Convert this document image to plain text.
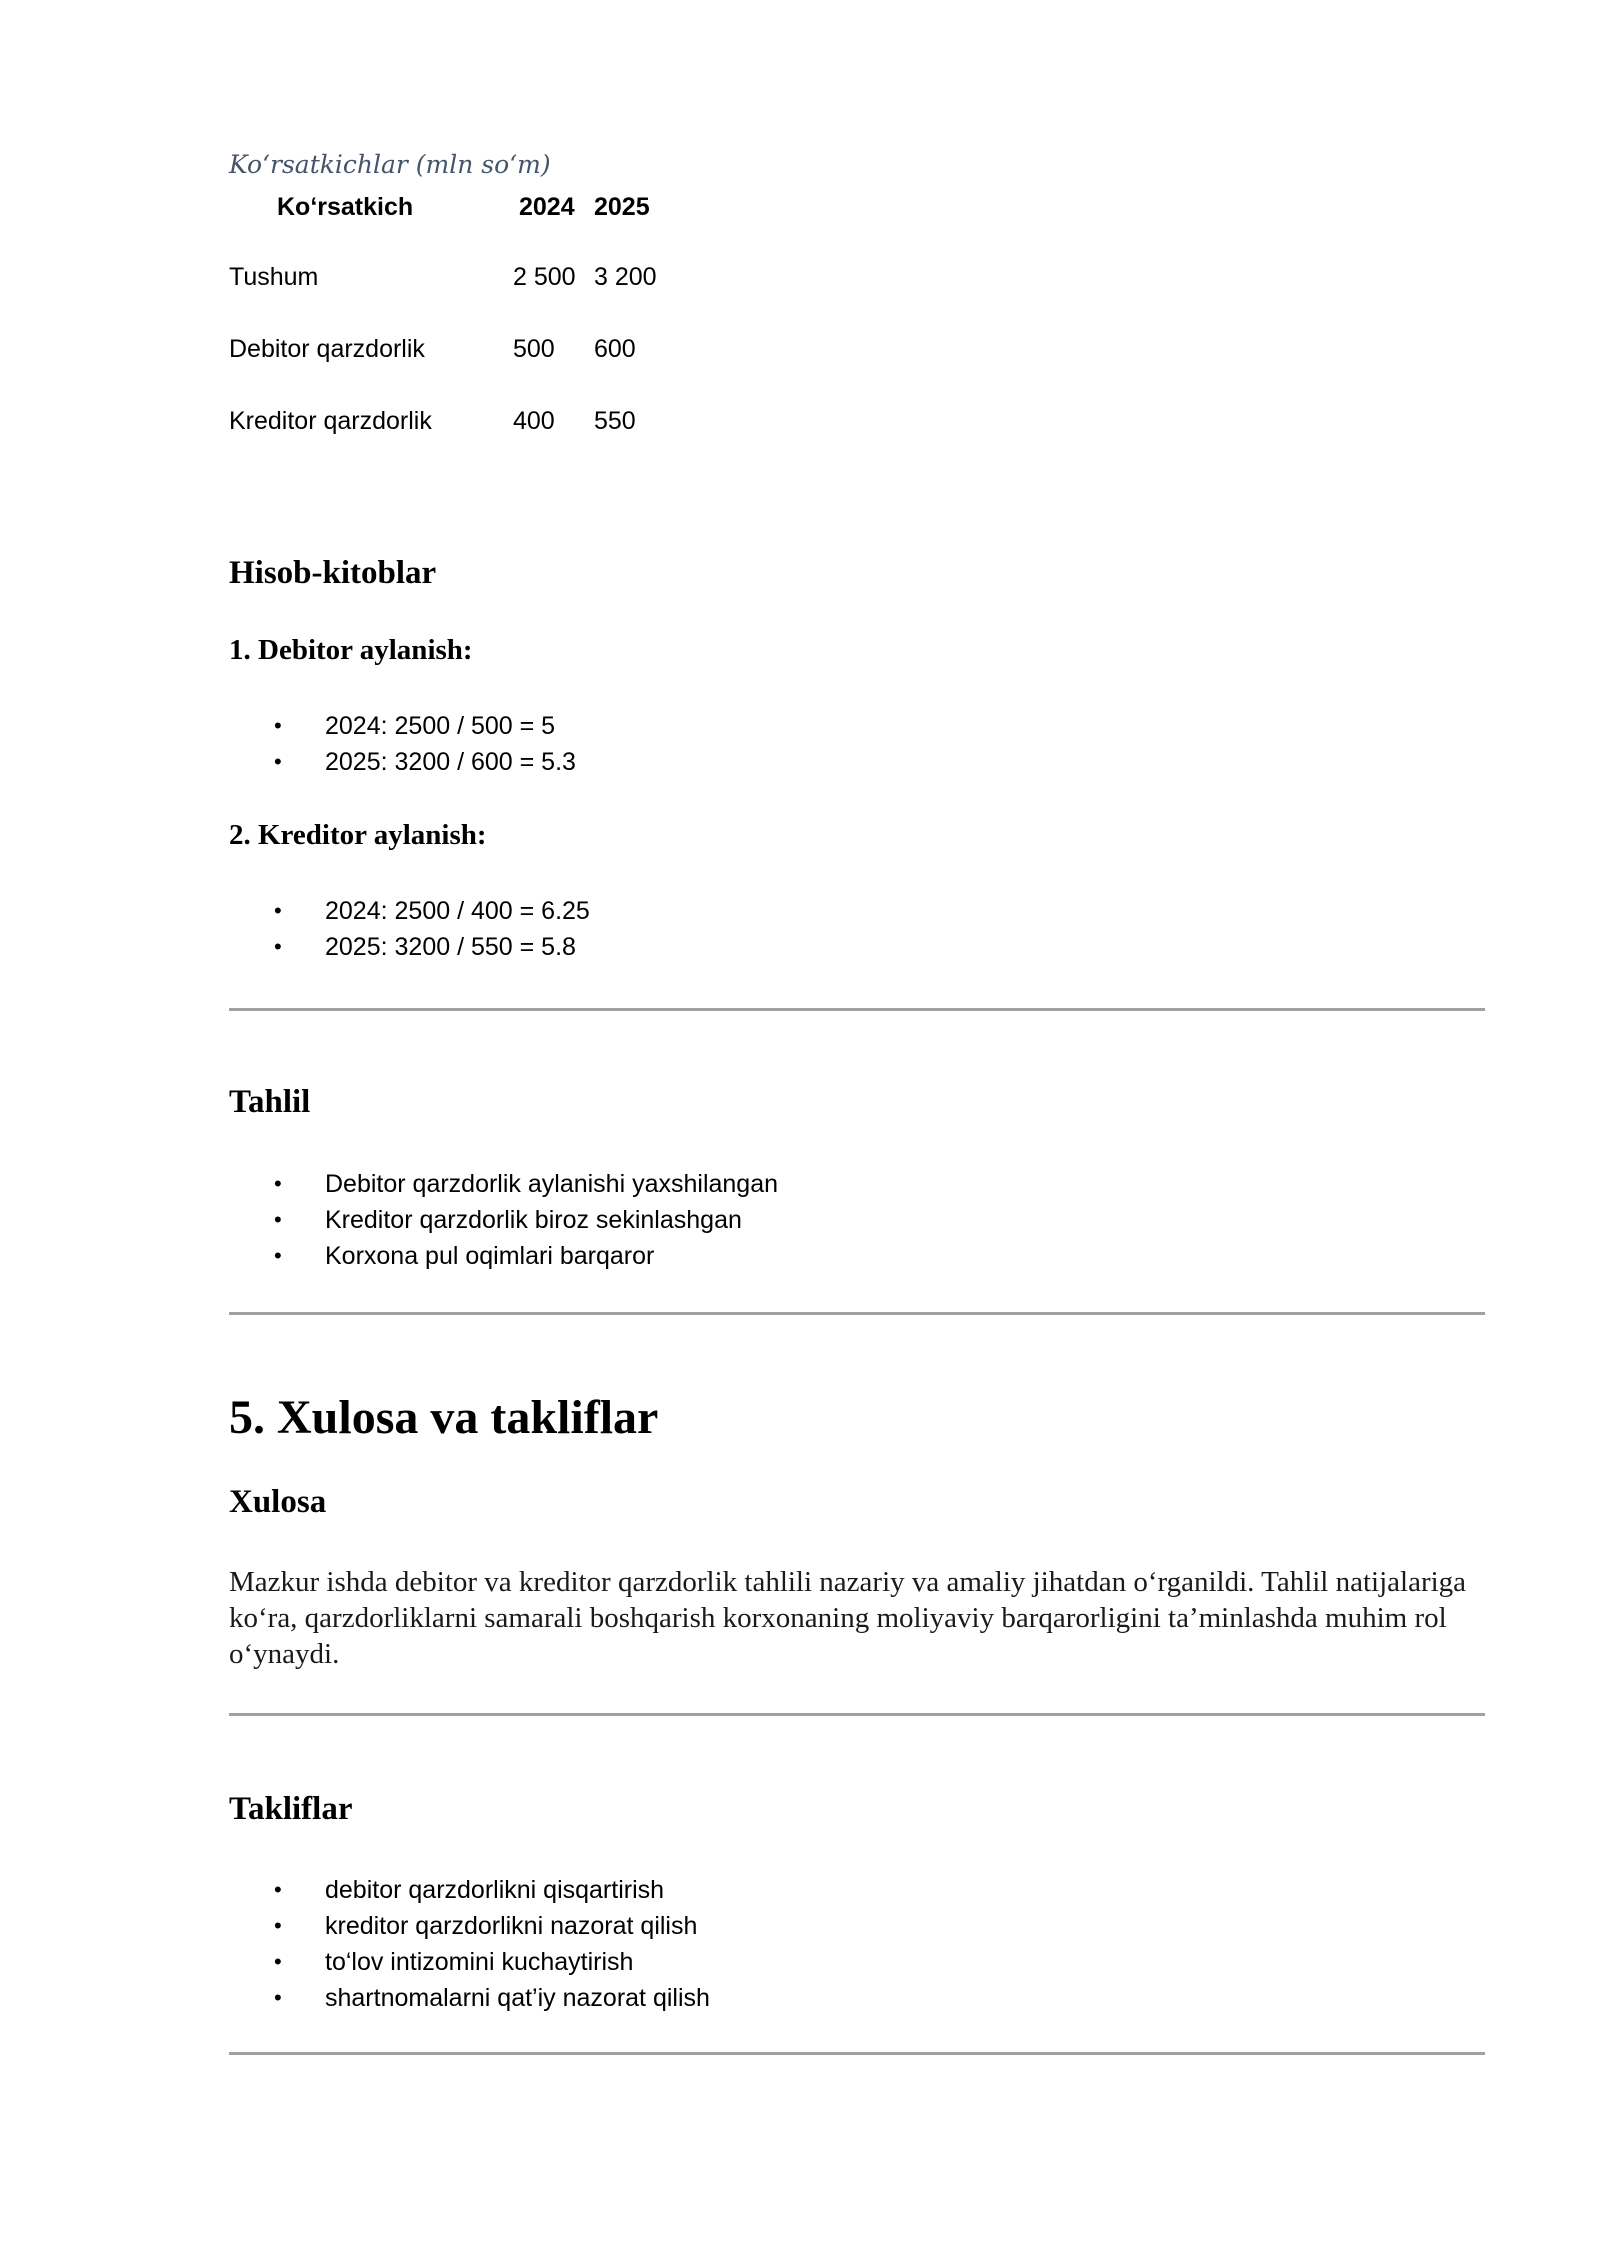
Ko‘rsatkichlar (mln so‘m)
Ko‘rsatkich	2024	2025
Tushum	2 500	3 200
Debitor qarzdorlik	500	600
Kreditor qarzdorlik	400	550
Hisob-kitoblar
1. Debitor aylanish:
• 2024: 2500 / 500 = 5
• 2025: 3200 / 600 = 5.3
2. Kreditor aylanish:
• 2024: 2500 / 400 = 6.25
• 2025: 3200 / 550 = 5.8
Tahlil
• Debitor qarzdorlik aylanishi yaxshilangan
• Kreditor qarzdorlik biroz sekinlashgan
• Korxona pul oqimlari barqaror
5. Xulosa va takliflar
Xulosa
Mazkur ishda debitor va kreditor qarzdorlik tahlili nazariy va amaliy jihatdan o‘rganildi. Tahlil natijalariga ko‘ra, qarzdorliklarni samarali boshqarish korxonaning moliyaviy barqarorligini ta’minlashda muhim rol o‘ynaydi.
Takliflar
• debitor qarzdorlikni qisqartirish
• kreditor qarzdorlikni nazorat qilish
• to‘lov intizomini kuchaytirish
• shartnomalarni qat’iy nazorat qilish
